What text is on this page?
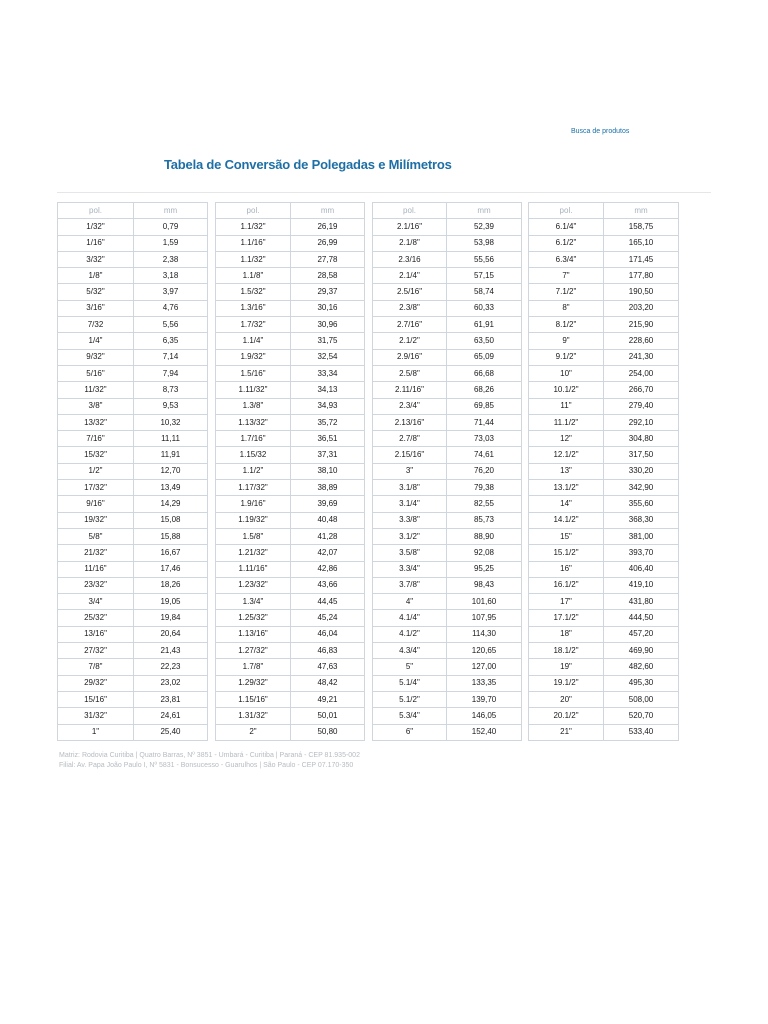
Busca de produtos
Tabela de Conversão de Polegadas e Milímetros
pol.	mm
1/32"	0,79
1/16"	1,59
3/32"	2,38
1/8"	3,18
5/32"	3,97
3/16"	4,76
7/32	5,56
1/4"	6,35
9/32"	7,14
5/16"	7,94
11/32"	8,73
3/8"	9,53
13/32"	10,32
7/16"	11,11
15/32"	11,91
1/2"	12,70
17/32"	13,49
9/16"	14,29
19/32"	15,08
5/8"	15,88
21/32"	16,67
11/16"	17,46
23/32"	18,26
3/4"	19,05
25/32"	19,84
13/16"	20,64
27/32"	21,43
7/8"	22,23
29/32"	23,02
15/16"	23,81
31/32"	24,61
1"	25,40
pol.	mm
1.1/32"	26,19
1.1/16"	26,99
1.1/32"	27,78
1.1/8"	28,58
1.5/32"	29,37
1.3/16"	30,16
1.7/32"	30,96
1.1/4"	31,75
1.9/32"	32,54
1.5/16"	33,34
1.11/32"	34,13
1.3/8"	34,93
1.13/32"	35,72
1.7/16"	36,51
1.15/32	37,31
1.1/2"	38,10
1.17/32"	38,89
1.9/16"	39,69
1.19/32"	40,48
1.5/8"	41,28
1.21/32"	42,07
1.11/16"	42,86
1.23/32"	43,66
1.3/4"	44,45
1.25/32"	45,24
1.13/16"	46,04
1.27/32"	46,83
1.7/8"	47,63
1.29/32"	48,42
1.15/16"	49,21
1.31/32"	50,01
2"	50,80
pol.	mm
2.1/16"	52,39
2.1/8"	53,98
2.3/16	55,56
2.1/4"	57,15
2.5/16"	58,74
2.3/8"	60,33
2.7/16"	61,91
2.1/2"	63,50
2.9/16"	65,09
2.5/8"	66,68
2.11/16"	68,26
2.3/4"	69,85
2.13/16"	71,44
2.7/8"	73,03
2.15/16"	74,61
3"	76,20
3.1/8"	79,38
3.1/4"	82,55
3.3/8"	85,73
3.1/2"	88,90
3.5/8"	92,08
3.3/4"	95,25
3.7/8"	98,43
4"	101,60
4.1/4"	107,95
4.1/2"	114,30
4.3/4"	120,65
5"	127,00
5.1/4"	133,35
5.1/2"	139,70
5.3/4"	146,05
6"	152,40
pol.	mm
6.1/4"	158,75
6.1/2"	165,10
6.3/4"	171,45
7"	177,80
7.1/2"	190,50
8"	203,20
8.1/2"	215,90
9"	228,60
9.1/2"	241,30
10"	254,00
10.1/2"	266,70
11"	279,40
11.1/2"	292,10
12"	304,80
12.1/2"	317,50
13"	330,20
13.1/2"	342,90
14"	355,60
14.1/2"	368,30
15"	381,00
15.1/2"	393,70
16"	406,40
16.1/2"	419,10
17"	431,80
17.1/2"	444,50
18"	457,20
18.1/2"	469,90
19"	482,60
19.1/2"	495,30
20"	508,00
20.1/2"	520,70
21"	533,40
Matriz: Rodovia Curitiba | Quatro Barras, Nº 3851 - Umbará - Curitiba | Paraná - CEP 81.935-002
Filial: Av. Papa João Paulo I, Nº 5831 - Bonsucesso - Guarulhos | São Paulo - CEP 07.170-350
